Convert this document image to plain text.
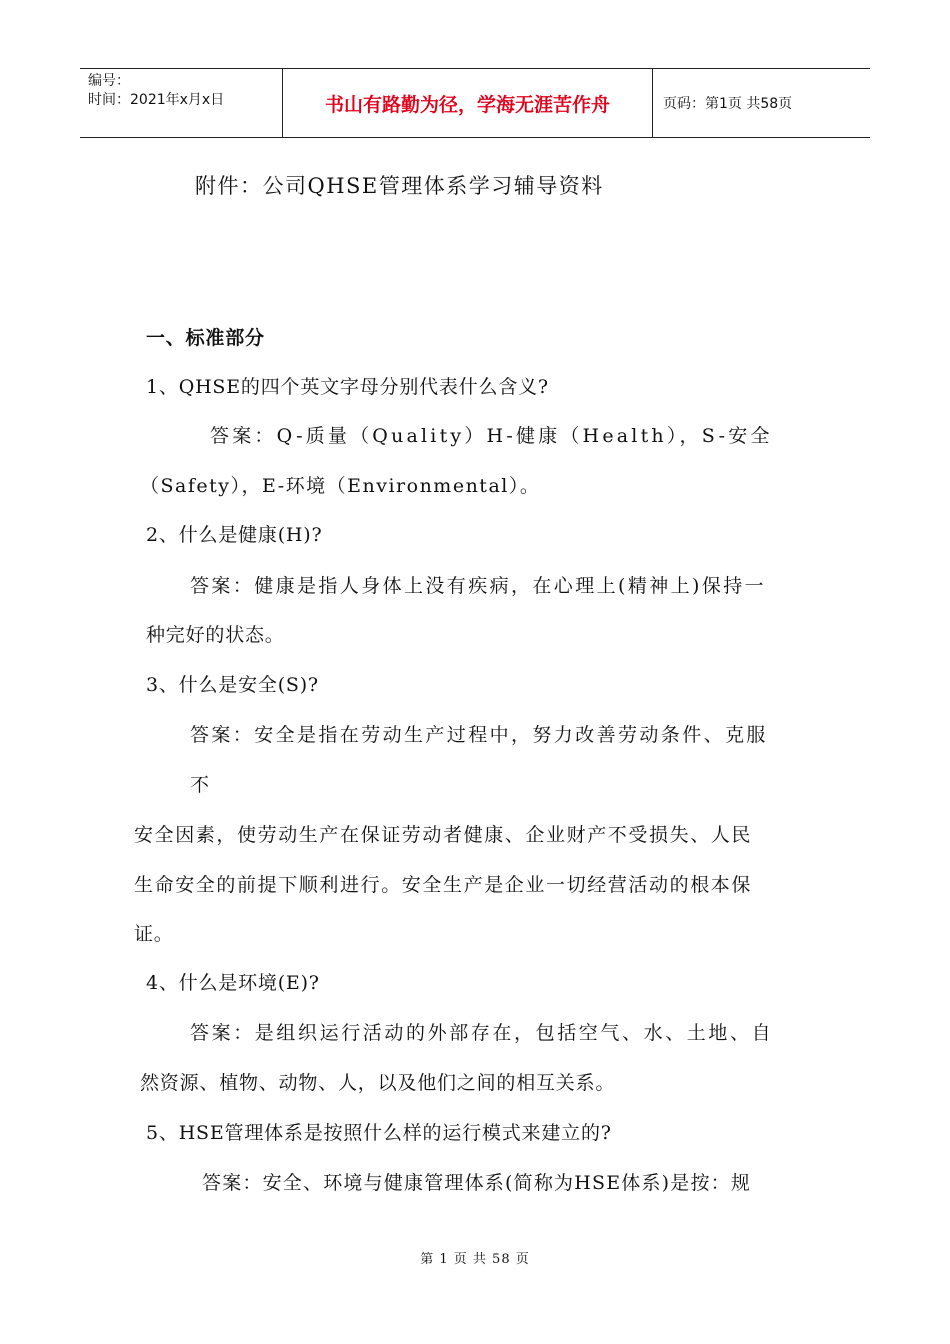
编号：
时间：2021年x月x日	书山有路勤为径，学海无涯苦作舟	页码：第1页 共58页
附件：公司QHSE管理体系学习辅导资料
一、标准部分
1、QHSE的四个英文字母分别代表什么含义?
答案：Q-质量（Quality）H-健康（Health），S-安全
（Safety），E-环境（Environmental）。
2、什么是健康(H)?
答案：健康是指人身体上没有疾病，在心理上(精神上)保持一
种完好的状态。
3、什么是安全(S)?
答案：安全是指在劳动生产过程中，努力改善劳动条件、克服
不
安全因素，使劳动生产在保证劳动者健康、企业财产不受损失、人民
生命安全的前提下顺利进行。安全生产是企业一切经营活动的根本保
证。
4、什么是环境(E)?
答案：是组织运行活动的外部存在，包括空气、水、土地、自
然资源、植物、动物、人，以及他们之间的相互关系。
5、HSE管理体系是按照什么样的运行模式来建立的?
答案：安全、环境与健康管理体系(简称为HSE体系)是按：规
第 1 页 共 58 页
